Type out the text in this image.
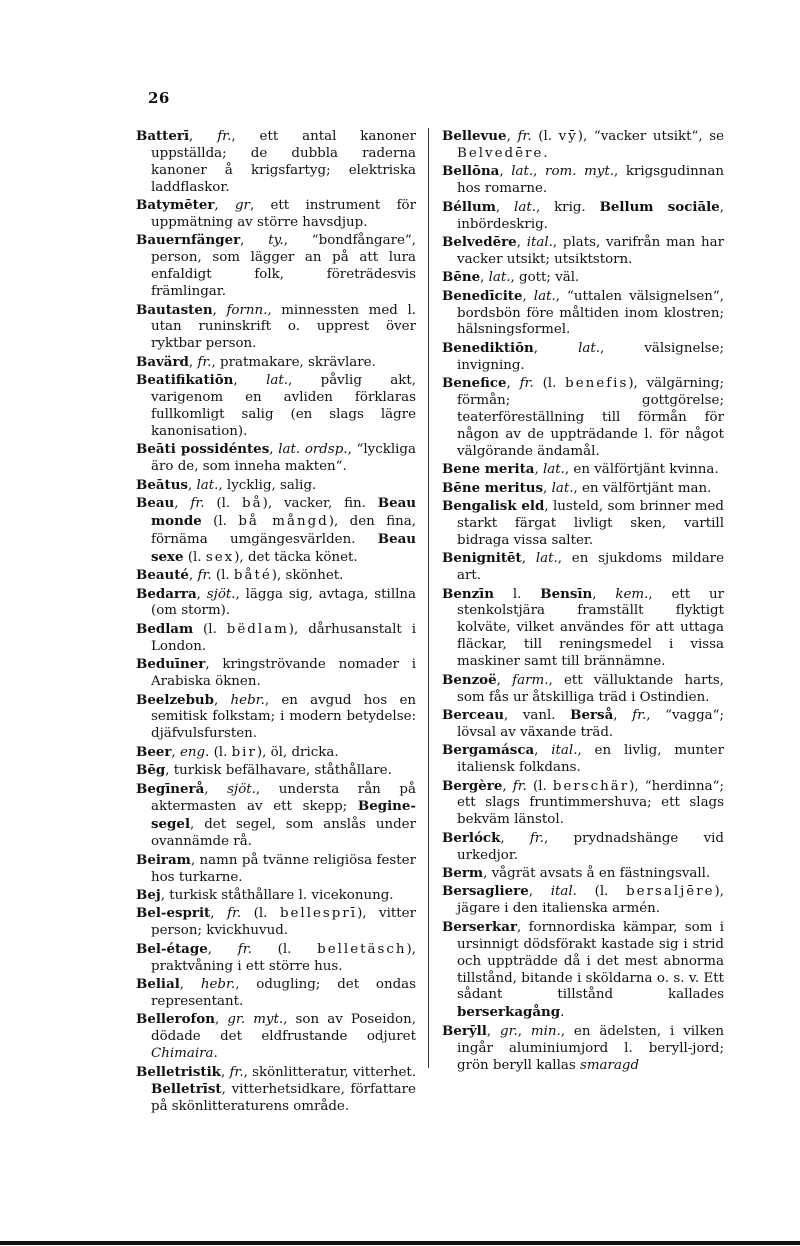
26

Batterī, fr., ett antal kanoner uppställda; de dubbla raderna kanoner å krigsfartyg; elektriska laddflaskor.

Batymēter, gr, ett instrument för uppmätning av större havsdjup.

Bauernfänger, ty., “bondfångare“, person, som lägger an på att lura enfaldigt folk, företrädesvis främlingar.

Bautasten, fornn., minnessten med l. utan runinskrift o. upprest över ryktbar person.

Bavärd, fr., pratmakare, skrävlare.

Beatifikatiōn, lat., påvlig akt, varigenom en avliden förklaras fullkomligt salig (en slags lägre kanonisation).

Beāti possidéntes, lat. ordsp., “lyckliga äro de, som inneha makten“.

Beātus, lat., lycklig, salig.

Beau, fr. (l. bå), vacker, fin. Beau monde (l. bå mångd), den fina, förnäma umgängesvärlden. Beau sexe (l. sex), det täcka könet.

Beauté, fr. (l. båté), skönhet.

Bedarra, sjöt., lägga sig, avtaga, stillna (om storm).

Bedlam (l. bëdlam), dårhusanstalt i London.

Beduīner, kringströvande nomader i Arabiska öknen.

Beelzebub, hebr., en avgud hos en semitisk folkstam; i modern betydelse: djäfvulsfursten.

Beer, eng. (l. bir), öl, dricka.

Bēg, turkisk befälhavare, ståthållare.

Begīnerå, sjöt., understa rån på aktermasten av ett skepp; Begine-segel, det segel, som anslås under ovannämde rå.

Beiram, namn på tvänne religiösa fester hos turkarne.

Bej, turkisk ståthållare l. vicekonung.

Bel-esprit, fr. (l. bellesprī), vitter person; kvickhuvud.

Bel-étage, fr. (l. belletäsch), praktvåning i ett större hus.

Belial, hebr., odugling; det ondas representant.

Bellerofon, gr. myt., son av Poseidon, dödade det eldfrustande odjuret Chimaira.

Belletristik, fr., skönlitteratur, vitterhet. Belletrīst, vitterhetsidkare, författare på skönlitteraturens område.

Bellevue, fr. (l. vȳ), “vacker utsikt“, se Belvedēre.

Bellōna, lat., rom. myt., krigsgudinnan hos romarne.

Béllum, lat., krig. Bellum sociāle, inbördeskrig.

Belvedēre, ital., plats, varifrån man har vacker utsikt; utsiktstorn.

Bēne, lat., gott; väl.

Benedīcite, lat., “uttalen välsignelsen“, bordsbön före måltiden inom klostren; hälsningsformel.

Benediktiōn, lat., välsignelse; invigning.

Benefice, fr. (l. benefis), välgärning; förmån; gottgörelse; teaterföreställning till förmån för någon av de uppträdande l. för något välgörande ändamål.

Bene merita, lat., en välförtjänt kvinna.

Bēne meritus, lat., en välförtjänt man.

Bengalisk eld, lusteld, som brinner med starkt färgat livligt sken, vartill bidraga vissa salter.

Benignitēt, lat., en sjukdoms mildare art.

Benzīn l. Bensīn, kem., ett ur stenkolstjära framställt flyktigt kolväte, vilket användes för att uttaga fläckar, till reningsmedel i vissa maskiner samt till brännämne.

Benzoë, farm., ett välluktande harts, som fås ur åtskilliga träd i Ostindien.

Berceau, vanl. Berså, fr., “vagga“; lövsal av växande träd.

Bergamásca, ital., en livlig, munter italiensk folkdans.

Bergère, fr. (l. berschär), “herdinna“; ett slags fruntimmershuva; ett slags bekväm länstol.

Berlóck, fr., prydnadshänge vid urkedjor.

Berm, vågrät avsats å en fästningsvall.

Bersagliere, ital. (l. bersaljēre), jägare i den italienska armén.

Berserkar, fornnordiska kämpar, som i ursinnigt dödsförakt kastade sig i strid och uppträdde då i det mest abnorma tillstånd, bitande i sköldarna o. s. v. Ett sådant tillstånd kallades berserkagång.

Berȳll, gr., min., en ädelsten, i vilken ingår aluminiumjord l. beryll-jord; grön beryll kallas smaragd
